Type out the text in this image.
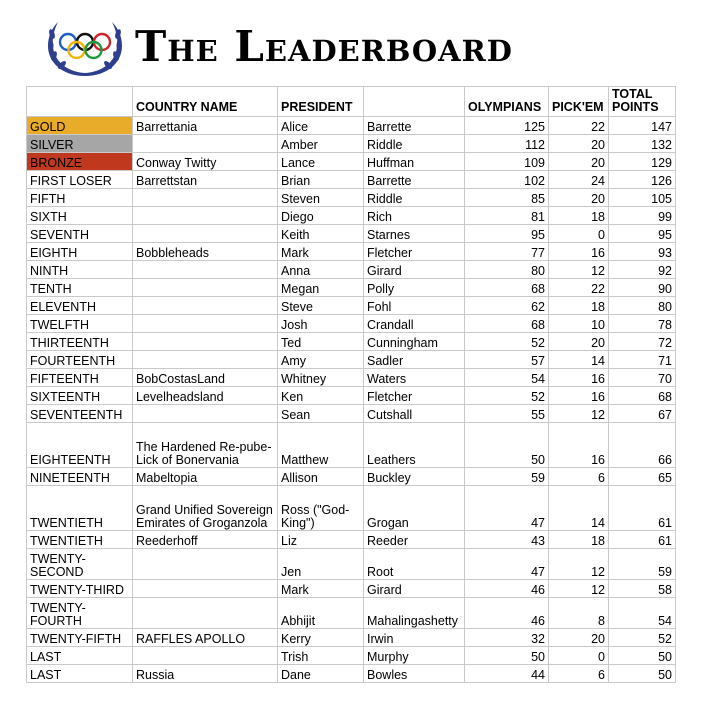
The Leaderboard
	COUNTRY NAME	PRESIDENT		OLYMPIANS	PICK'EM	TOTAL POINTS
GOLD	Barrettania	Alice	Barrette	125	22	147
SILVER		Amber	Riddle	112	20	132
BRONZE	Conway Twitty	Lance	Huffman	109	20	129
FIRST LOSER	Barrettstan	Brian	Barrette	102	24	126
FIFTH		Steven	Riddle	85	20	105
SIXTH		Diego	Rich	81	18	99
SEVENTH		Keith	Starnes	95	0	95
EIGHTH	Bobbleheads	Mark	Fletcher	77	16	93
NINTH		Anna	Girard	80	12	92
TENTH		Megan	Polly	68	22	90
ELEVENTH		Steve	Fohl	62	18	80
TWELFTH		Josh	Crandall	68	10	78
THIRTEENTH		Ted	Cunningham	52	20	72
FOURTEENTH		Amy	Sadler	57	14	71
FIFTEENTH	BobCostasLand	Whitney	Waters	54	16	70
SIXTEENTH	Levelheadsland	Ken	Fletcher	52	16	68
SEVENTEENTH		Sean	Cutshall	55	12	67
EIGHTEENTH	The Hardened Re-pube-Lick of Bonervania	Matthew	Leathers	50	16	66
NINETEENTH	Mabeltopia	Allison	Buckley	59	6	65
TWENTIETH	Grand Unified Sovereign Emirates of Groganzola	Ross ("God-King")	Grogan	47	14	61
TWENTIETH	Reederhoff	Liz	Reeder	43	18	61
TWENTY-SECOND		Jen	Root	47	12	59
TWENTY-THIRD		Mark	Girard	46	12	58
TWENTY-FOURTH		Abhijit	Mahalingashetty	46	8	54
TWENTY-FIFTH	RAFFLES APOLLO	Kerry	Irwin	32	20	52
LAST		Trish	Murphy	50	0	50
LAST	Russia	Dane	Bowles	44	6	50
